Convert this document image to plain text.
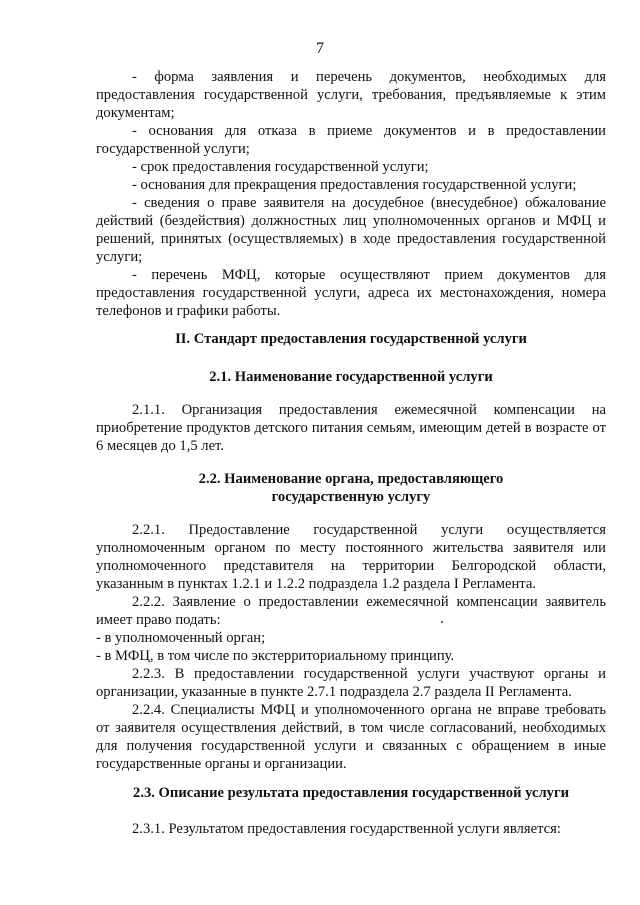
7

- форма заявления и перечень документов, необходимых для предоставления государственной услуги, требования, предъявляемые к этим документам;

- основания для отказа в приеме документов и в предоставлении государственной услуги;

- срок предоставления государственной услуги;

- основания для прекращения предоставления государственной услуги;

- сведения о праве заявителя на досудебное (внесудебное) обжалование действий (бездействия) должностных лиц уполномоченных органов и МФЦ и решений, принятых (осуществляемых) в ходе предоставления государственной услуги;

- перечень МФЦ, которые осуществляют прием документов для предоставления государственной услуги, адреса их местонахождения, номера телефонов и графики работы.

II. Стандарт предоставления государственной услуги

2.1. Наименование государственной услуги

2.1.1. Организация предоставления ежемесячной компенсации на приобретение продуктов детского питания семьям, имеющим детей в возрасте от 6 месяцев до 1,5 лет.

2.2. Наименование органа, предоставляющего

государственную услугу

2.2.1. Предоставление государственной услуги осуществляется уполномоченным органом по месту постоянного жительства заявителя или уполномоченного представителя на территории Белгородской области, указанным в пунктах 1.2.1 и 1.2.2 подраздела 1.2 раздела I Регламента.

2.2.2. Заявление о предоставлении ежемесячной компенсации заявитель имеет право подать:

- в уполномоченный орган;

- в МФЦ, в том числе по экстерриториальному принципу.

2.2.3. В предоставлении государственной услуги участвуют органы и организации, указанные в пункте 2.7.1 подраздела 2.7 раздела II Регламента.

2.2.4. Специалисты МФЦ и уполномоченного органа не вправе требовать от заявителя осуществления действий, в том числе согласований, необходимых для получения государственной услуги и связанных с обращением в иные государственные органы и организации.

2.3. Описание результата предоставления государственной услуги

2.3.1. Результатом предоставления государственной услуги является:
